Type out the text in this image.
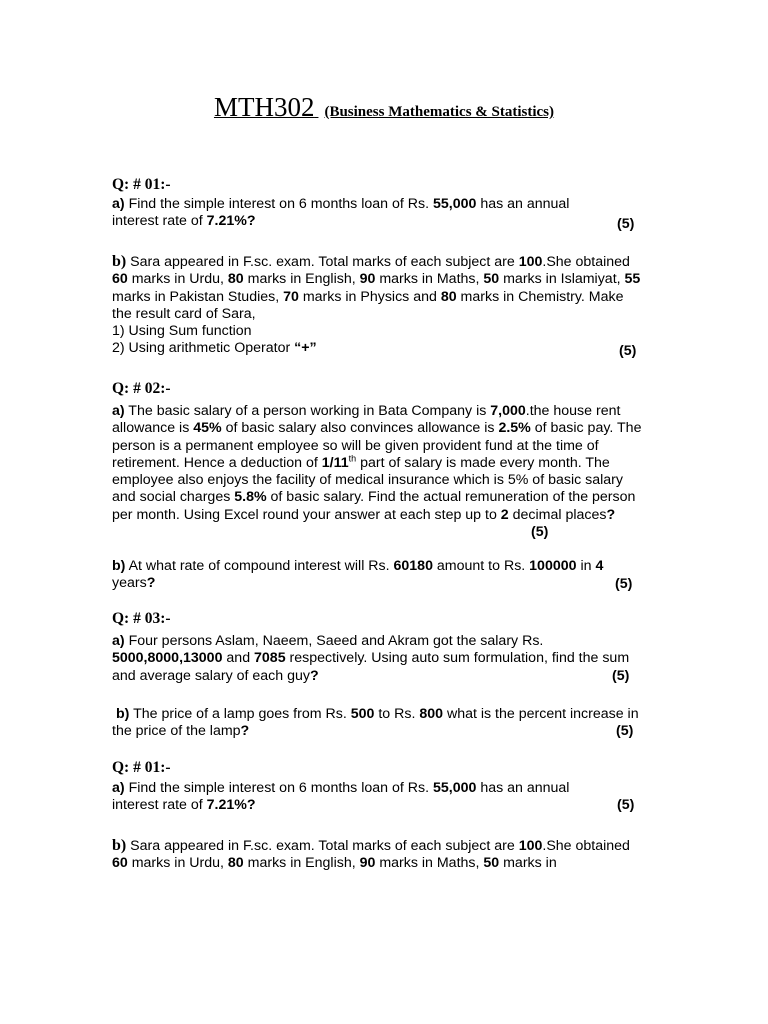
MTH302 (Business Mathematics & Statistics)
Q: # 01:-
a) Find the simple interest on 6 months loan of Rs. 55,000 has an annual interest rate of 7.21%?	(5)
b) Sara appeared in F.sc. exam. Total marks of each subject are 100.She obtained 60 marks in Urdu, 80 marks in English, 90 marks in Maths, 50 marks in Islamiyat, 55 marks in Pakistan Studies, 70 marks in Physics and 80 marks in Chemistry. Make the result card of Sara,
1) Using Sum function
2) Using arithmetic Operator “+”	(5)
Q: # 02:-
a) The basic salary of a person working in Bata Company is 7,000.the house rent allowance is 45% of basic salary also convinces allowance is 2.5% of basic pay. The person is a permanent employee so will be given provident fund at the time of retirement. Hence a deduction of 1/11th part of salary is made every month. The employee also enjoys the facility of medical insurance which is 5% of basic salary and social charges 5.8% of basic salary. Find the actual remuneration of the person per month. Using Excel round your answer at each step up to 2 decimal places?
(5)
b) At what rate of compound interest will Rs. 60180 amount to Rs. 100000 in 4 years?	(5)
Q: # 03:-
a) Four persons Aslam, Naeem, Saeed and Akram got the salary Rs. 5000,8000,13000 and 7085 respectively. Using auto sum formulation, find the sum and average salary of each guy?	(5)
b) The price of a lamp goes from Rs. 500 to Rs. 800 what is the percent increase in the price of the lamp?	(5)
Q: # 01:-
a) Find the simple interest on 6 months loan of Rs. 55,000 has an annual interest rate of 7.21%?	(5)
b) Sara appeared in F.sc. exam. Total marks of each subject are 100.She obtained 60 marks in Urdu, 80 marks in English, 90 marks in Maths, 50 marks in
